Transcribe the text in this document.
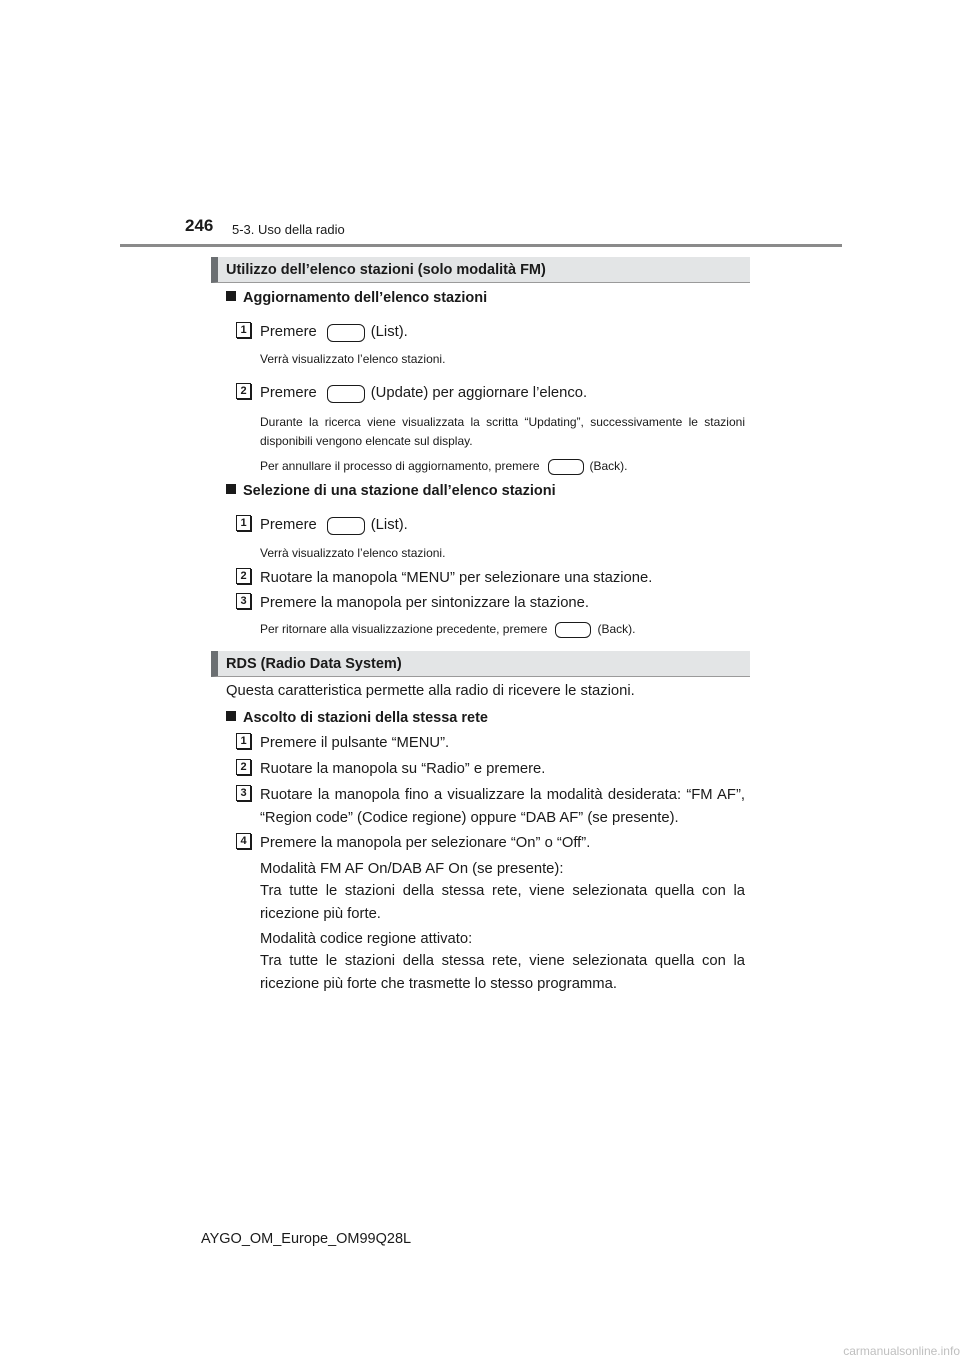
246 5-3. Uso della radio
Utilizzo dell’elenco stazioni (solo modalità FM)
Aggiornamento dell’elenco stazioni
1 Premere	(List).
Verrà visualizzato l’elenco stazioni.
2 Premere	(Update) per aggiornare l’elenco.
Durante la ricerca viene visualizzata la scritta “Updating”, successivamente le stazioni disponibili vengono elencate sul display.
Per annullare il processo di aggiornamento, premere	(Back).
Selezione di una stazione dall’elenco stazioni
1 Premere	(List).
Verrà visualizzato l’elenco stazioni.
2 Ruotare la manopola “MENU” per selezionare una stazione.
3 Premere la manopola per sintonizzare la stazione.
Per ritornare alla visualizzazione precedente, premere	(Back).
RDS (Radio Data System)
Questa caratteristica permette alla radio di ricevere le stazioni.
Ascolto di stazioni della stessa rete
1 Premere il pulsante “MENU”.
2 Ruotare la manopola su “Radio” e premere.
3 Ruotare la manopola fino a visualizzare la modalità desiderata: “FM AF”, “Region code” (Codice regione) oppure “DAB AF” (se presente).
4 Premere la manopola per selezionare “On” o “Off”.
Modalità FM AF On/DAB AF On (se presente):
Tra tutte le stazioni della stessa rete, viene selezionata quella con la ricezione più forte.
Modalità codice regione attivato:
Tra tutte le stazioni della stessa rete, viene selezionata quella con la ricezione più forte che trasmette lo stesso programma.
AYGO_OM_Europe_OM99Q28L
carmanualsonline.info
